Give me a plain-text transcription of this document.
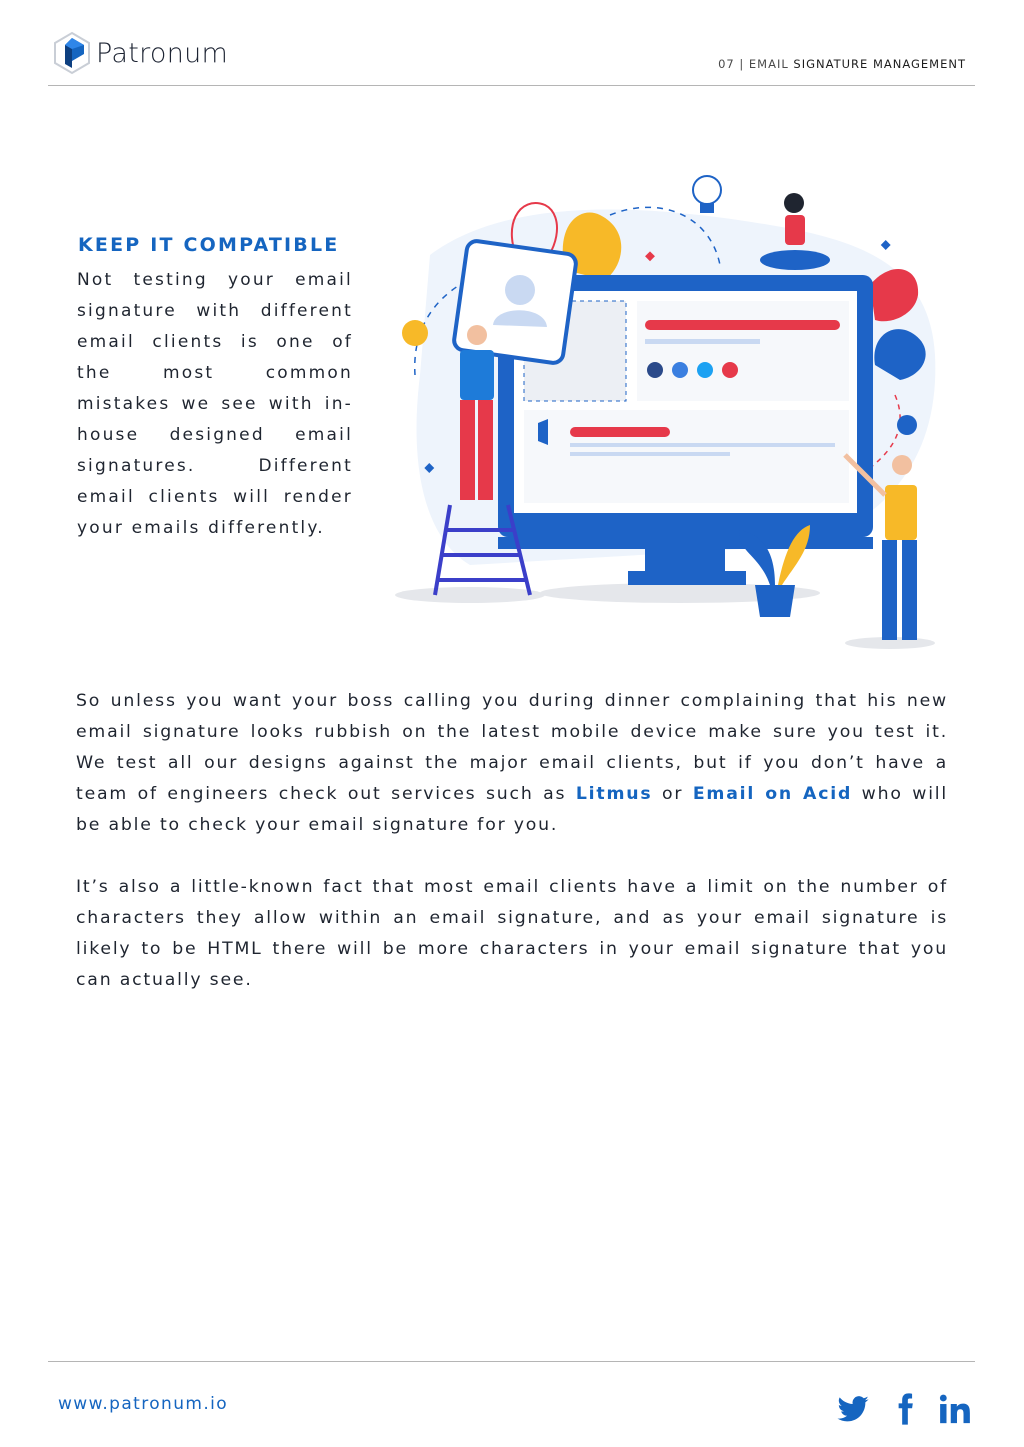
Patronum	07 | EMAIL SIGNATURE MANAGEMENT
KEEP IT COMPATIBLE
Not testing your email signature with different email clients is one of the most common mistakes we see with in-house designed email signatures. Different email clients will render your emails differently.
So unless you want your boss calling you during dinner complaining that his new email signature looks rubbish on the latest mobile device make sure you test it. We test all our designs against the major email clients, but if you don’t have a team of engineers check out services such as Litmus or Email on Acid who will be able to check your email signature for you.
It’s also a little-known fact that most email clients have a limit on the number of characters they allow within an email signature, and as your email signature is likely to be HTML there will be more characters in your email signature that you can actually see.
www.patronum.io
